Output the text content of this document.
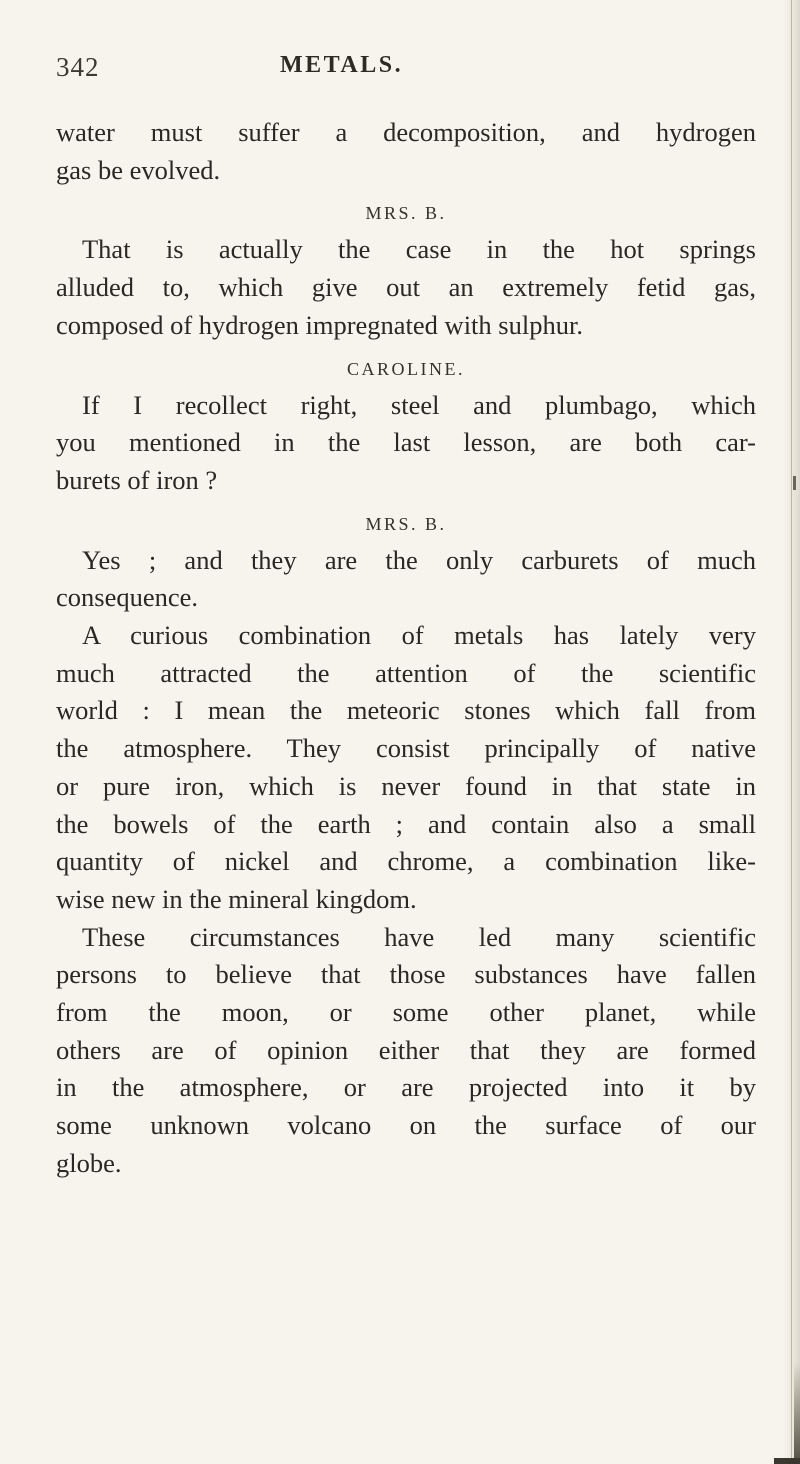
342	METALS.

water must suffer a decomposition, and hydrogen

gas be evolved.

MRS. B.

That is actually the case in the hot springs

alluded to, which give out an extremely fetid gas,

composed of hydrogen impregnated with sulphur.

CAROLINE.

If I recollect right, steel and plumbago, which

you mentioned in the last lesson, are both car-

burets of iron ?

MRS. B.

Yes ; and they are the only carburets of much

consequence.

A curious combination of metals has lately very

much attracted the attention of the scientific

world : I mean the meteoric stones which fall from

the atmosphere. They consist principally of native

or pure iron, which is never found in that state in

the bowels of the earth ; and contain also a small

quantity of nickel and chrome, a combination like-

wise new in the mineral kingdom.

These circumstances have led many scientific

persons to believe that those substances have fallen

from the moon, or some other planet, while

others are of opinion either that they are formed

in the atmosphere, or are projected into it by

some unknown volcano on the surface of our

globe.
